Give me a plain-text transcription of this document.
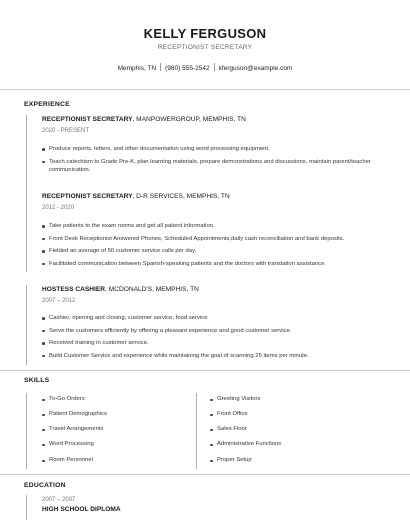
KELLY FERGUSON
RECEPTIONIST SECRETARY
Memphis, TN (980) 555-2542 kferguson@example.com
EXPERIENCE
RECEPTIONIST SECRETARY, MANPOWERGROUP, MEMPHIS, TN
2020 - PRESENT
Produce reports, letters, and other documentation using word processing equipment.
Teach catechism to Grade Pre-K, plan learning materials, prepare demonstrations and discussions, maintain parent/teacher communication.
RECEPTIONIST SECRETARY, D-R SERVICES, MEMPHIS, TN
2012 - 2020
Take patients to the exam rooms and get all patient information.
Front Desk Receptionist Answered Phones, Scheduled Appointments,daily cash reconciliation and bank deposits.
Fielded an average of 50 customer service calls per day.
Facilitated communication between Spanish-speaking patients and the doctors with translation assistance.
HOSTESS CASHIER, MCDONALD'S, MEMPHIS, TN
2007 – 2012
Cashier, opening and closing, customer service, food service
Serve the customers efficiently by offering a pleasant experience and good customer service.
Received training in customer service.
Build Customer Service and experience while maintaining the goal of scanning 25 items per minute.
SKILLS
To-Go Orders
Patient Demographics
Travel Arrangements
Word Processing
Room Personnel
Greeting Visitors
Front Office
Sales Floor
Administrative Functions
Proper Setup
EDUCATION
2007 – 2007
HIGH SCHOOL DIPLOMA
